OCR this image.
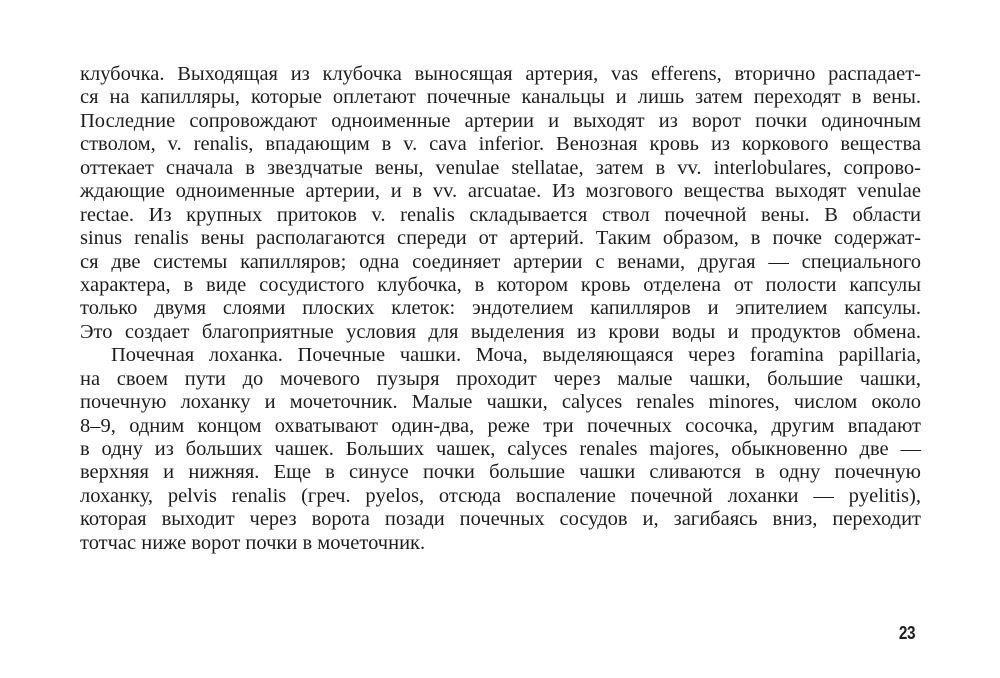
клубочка. Выходящая из клубочка выносящая артерия, vas efferens, вторично распадает-
ся на капилляры, которые оплетают почечные канальцы и лишь затем переходят в вены.
Последние сопровождают одноименные артерии и выходят из ворот почки одиночным
стволом, v. renalis, впадающим в v. cava inferior. Венозная кровь из коркового вещества
оттекает сначала в звездчатые вены, venulae stellatae, затем в vv. interlobulares, сопрово-
ждающие одноименные артерии, и в vv. arcuatae. Из мозгового вещества выходят venulae
rectae. Из крупных притоков v. renalis складывается ствол почечной вены. В области
sinus renalis вены располагаются спереди от артерий. Таким образом, в почке содержат-
ся две системы капилляров; одна соединяет артерии с венами, другая — специального
характера, в виде сосудистого клубочка, в котором кровь отделена от полости капсулы
только двумя слоями плоских клеток: эндотелием капилляров и эпителием капсулы.
Это создает благоприятные условия для выделения из крови воды и продуктов обмена.
Почечная лоханка. Почечные чашки. Моча, выделяющаяся через foramina papillaria,
на своем пути до мочевого пузыря проходит через малые чашки, большие чашки,
почечную лоханку и мочеточник. Малые чашки, calyces renales minores, числом около
8–9, одним концом охватывают один-два, реже три почечных сосочка, другим впадают
в одну из больших чашек. Больших чашек, calyces renales majores, обыкновенно две —
верхняя и нижняя. Еще в синусе почки большие чашки сливаются в одну почечную
лоханку, pelvis renalis (греч. pyelos, отсюда воспаление почечной лоханки — pyelitis),
которая выходит через ворота позади почечных сосудов и, загибаясь вниз, переходит
тотчас ниже ворот почки в мочеточник.
23
